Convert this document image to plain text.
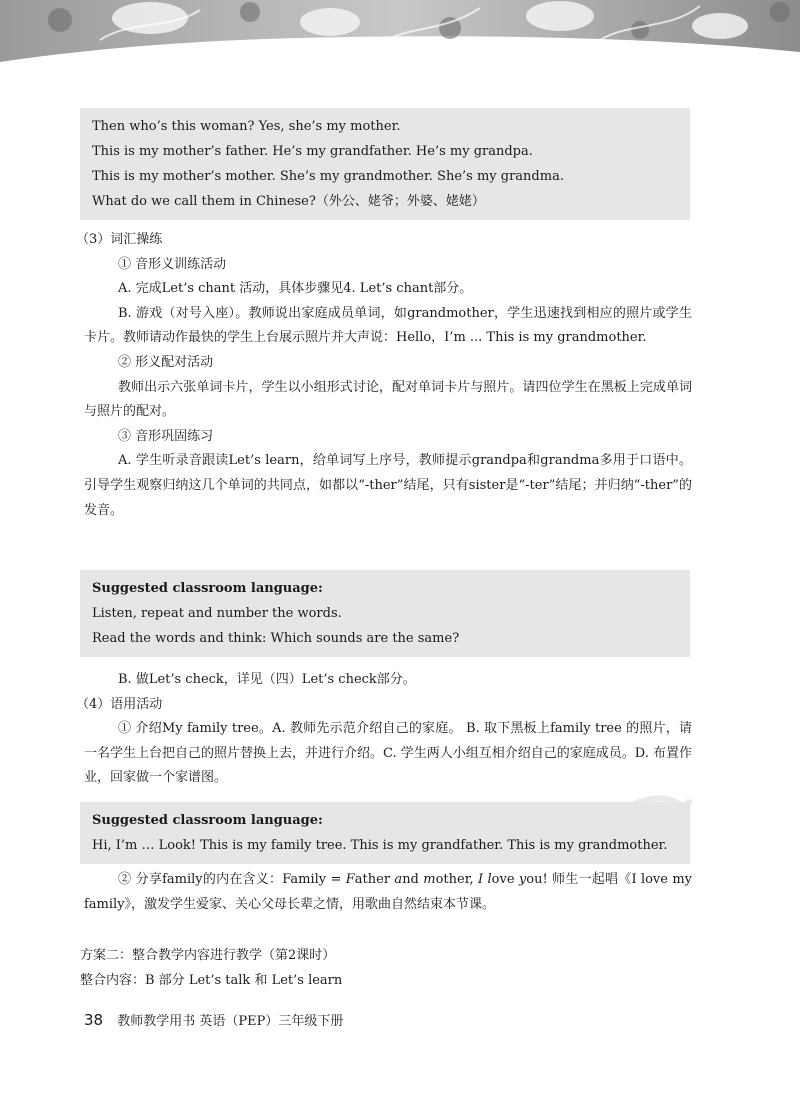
Then who’s this woman? Yes, she’s my mother.

This is my mother’s father. He’s my grandfather. He’s my grandpa.

This is my mother’s mother. She’s my grandmother. She’s my grandma.

What do we call them in Chinese?（外公、姥爷；外婆、姥姥）

（3）词汇操练

① 音形义训练活动

A. 完成Let’s chant 活动，具体步骤见4. Let’s chant部分。

B. 游戏（对号入座）。教师说出家庭成员单词，如grandmother，学生迅速找到相应的照片或学生卡片。教师请动作最快的学生上台展示照片并大声说：Hello，I’m ... This is my grandmother.

② 形义配对活动

教师出示六张单词卡片，学生以小组形式讨论，配对单词卡片与照片。请四位学生在黑板上完成单词与照片的配对。

③ 音形巩固练习

A. 学生听录音跟读Let’s learn，给单词写上序号，教师提示grandpa和grandma多用于口语中。引导学生观察归纳这几个单词的共同点，如都以“-ther”结尾，只有sister是“-ter”结尾；并归纳“-ther”的发音。

Suggested classroom language:

Listen, repeat and number the words.

Read the words and think: Which sounds are the same?

B. 做Let’s check，详见（四）Let’s check部分。

（4）语用活动

① 介绍My family tree。A. 教师先示范介绍自己的家庭。 B. 取下黑板上family tree 的照片，请一名学生上台把自己的照片替换上去，并进行介绍。C. 学生两人小组互相介绍自己的家庭成员。D. 布置作业，回家做一个家谱图。

Suggested classroom language:

Hi, I’m … Look! This is my family tree. This is my grandfather. This is my grandmother.

② 分享family的内在含义：Family = Father and mother, I love you! 师生一起唱《I love my family》，激发学生爱家、关心父母长辈之情，用歌曲自然结束本节课。

方案二：整合教学内容进行教学（第2课时）

整合内容：B 部分 Let’s talk 和 Let’s learn

38 教师教学用书 英语（PEP）三年级下册
